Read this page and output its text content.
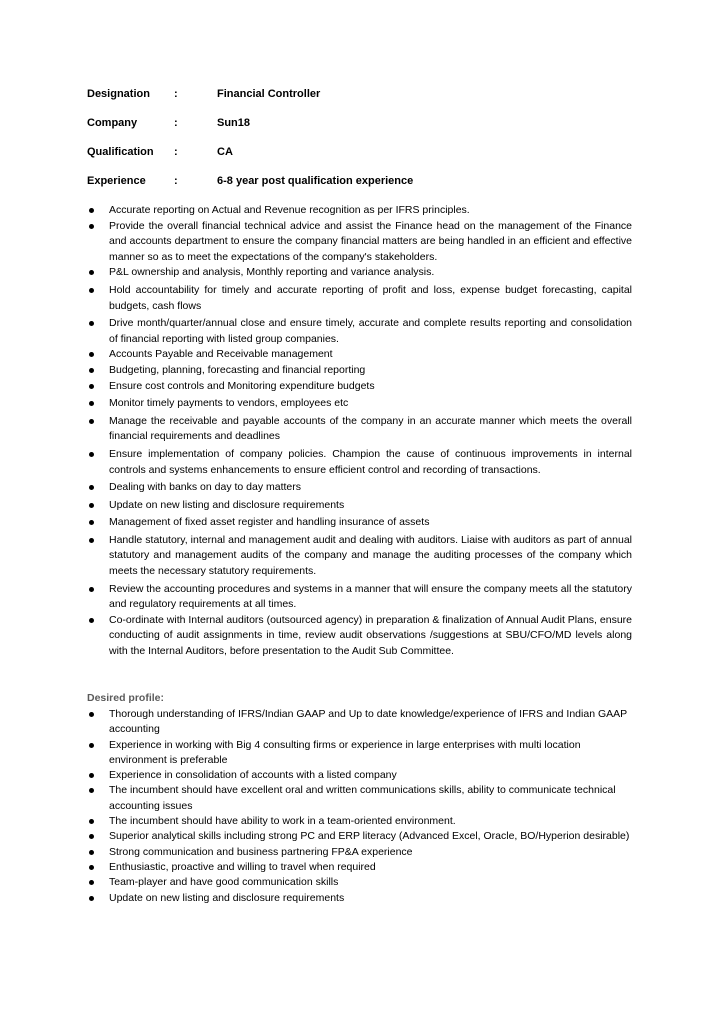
Designation	:	Financial Controller
Company	:	Sun18
Qualification	:	CA
Experience	:	6-8 year post qualification experience
Accurate reporting on Actual and Revenue recognition as per IFRS principles.
Provide the overall financial technical advice and assist the Finance head on the management of the Finance and accounts department to ensure the company financial matters are being handled in an efficient and effective manner so as to meet the expectations of the company's stakeholders.
P&L ownership and analysis, Monthly reporting and variance analysis.
Hold accountability for timely and accurate reporting of profit and loss, expense budget forecasting, capital budgets, cash flows
Drive month/quarter/annual close and ensure timely, accurate and complete results reporting and consolidation of financial reporting with listed group companies.
Accounts Payable and Receivable management
Budgeting, planning, forecasting and financial reporting
Ensure cost controls and Monitoring expenditure budgets
Monitor timely payments to vendors, employees etc
Manage the receivable and payable accounts of the company in an accurate manner which meets the overall financial requirements and deadlines
Ensure implementation of company policies. Champion the cause of continuous improvements in internal controls and systems enhancements to ensure efficient control and recording of transactions.
Dealing with banks on day to day matters
Update on new listing and disclosure requirements
Management of fixed asset register and handling insurance of assets
Handle statutory, internal and management audit and dealing with auditors. Liaise with auditors as part of annual statutory and management audits of the company and manage the auditing processes of the company which meets the necessary statutory requirements.
Review the accounting procedures and systems in a manner that will ensure the company meets all the statutory and regulatory requirements at all times.
Co-ordinate with Internal auditors (outsourced agency) in preparation & finalization of Annual Audit Plans, ensure conducting of audit assignments in time, review audit observations /suggestions at SBU/CFO/MD levels along with the Internal Auditors, before presentation to the Audit Sub Committee.
Desired profile:
Thorough understanding of IFRS/Indian GAAP and Up to date knowledge/experience of IFRS and Indian GAAP accounting
Experience in working with Big 4 consulting firms or experience in large enterprises with multi location environment is preferable
Experience in consolidation of accounts with a listed company
The incumbent should have excellent oral and written communications skills, ability to communicate technical accounting issues
The incumbent should have ability to work in a team-oriented environment.
Superior analytical skills including strong PC and ERP literacy (Advanced Excel, Oracle, BO/Hyperion desirable)
Strong communication and business partnering FP&A experience
Enthusiastic, proactive and willing to travel when required
Team-player and have good communication skills
Update on new listing and disclosure requirements
